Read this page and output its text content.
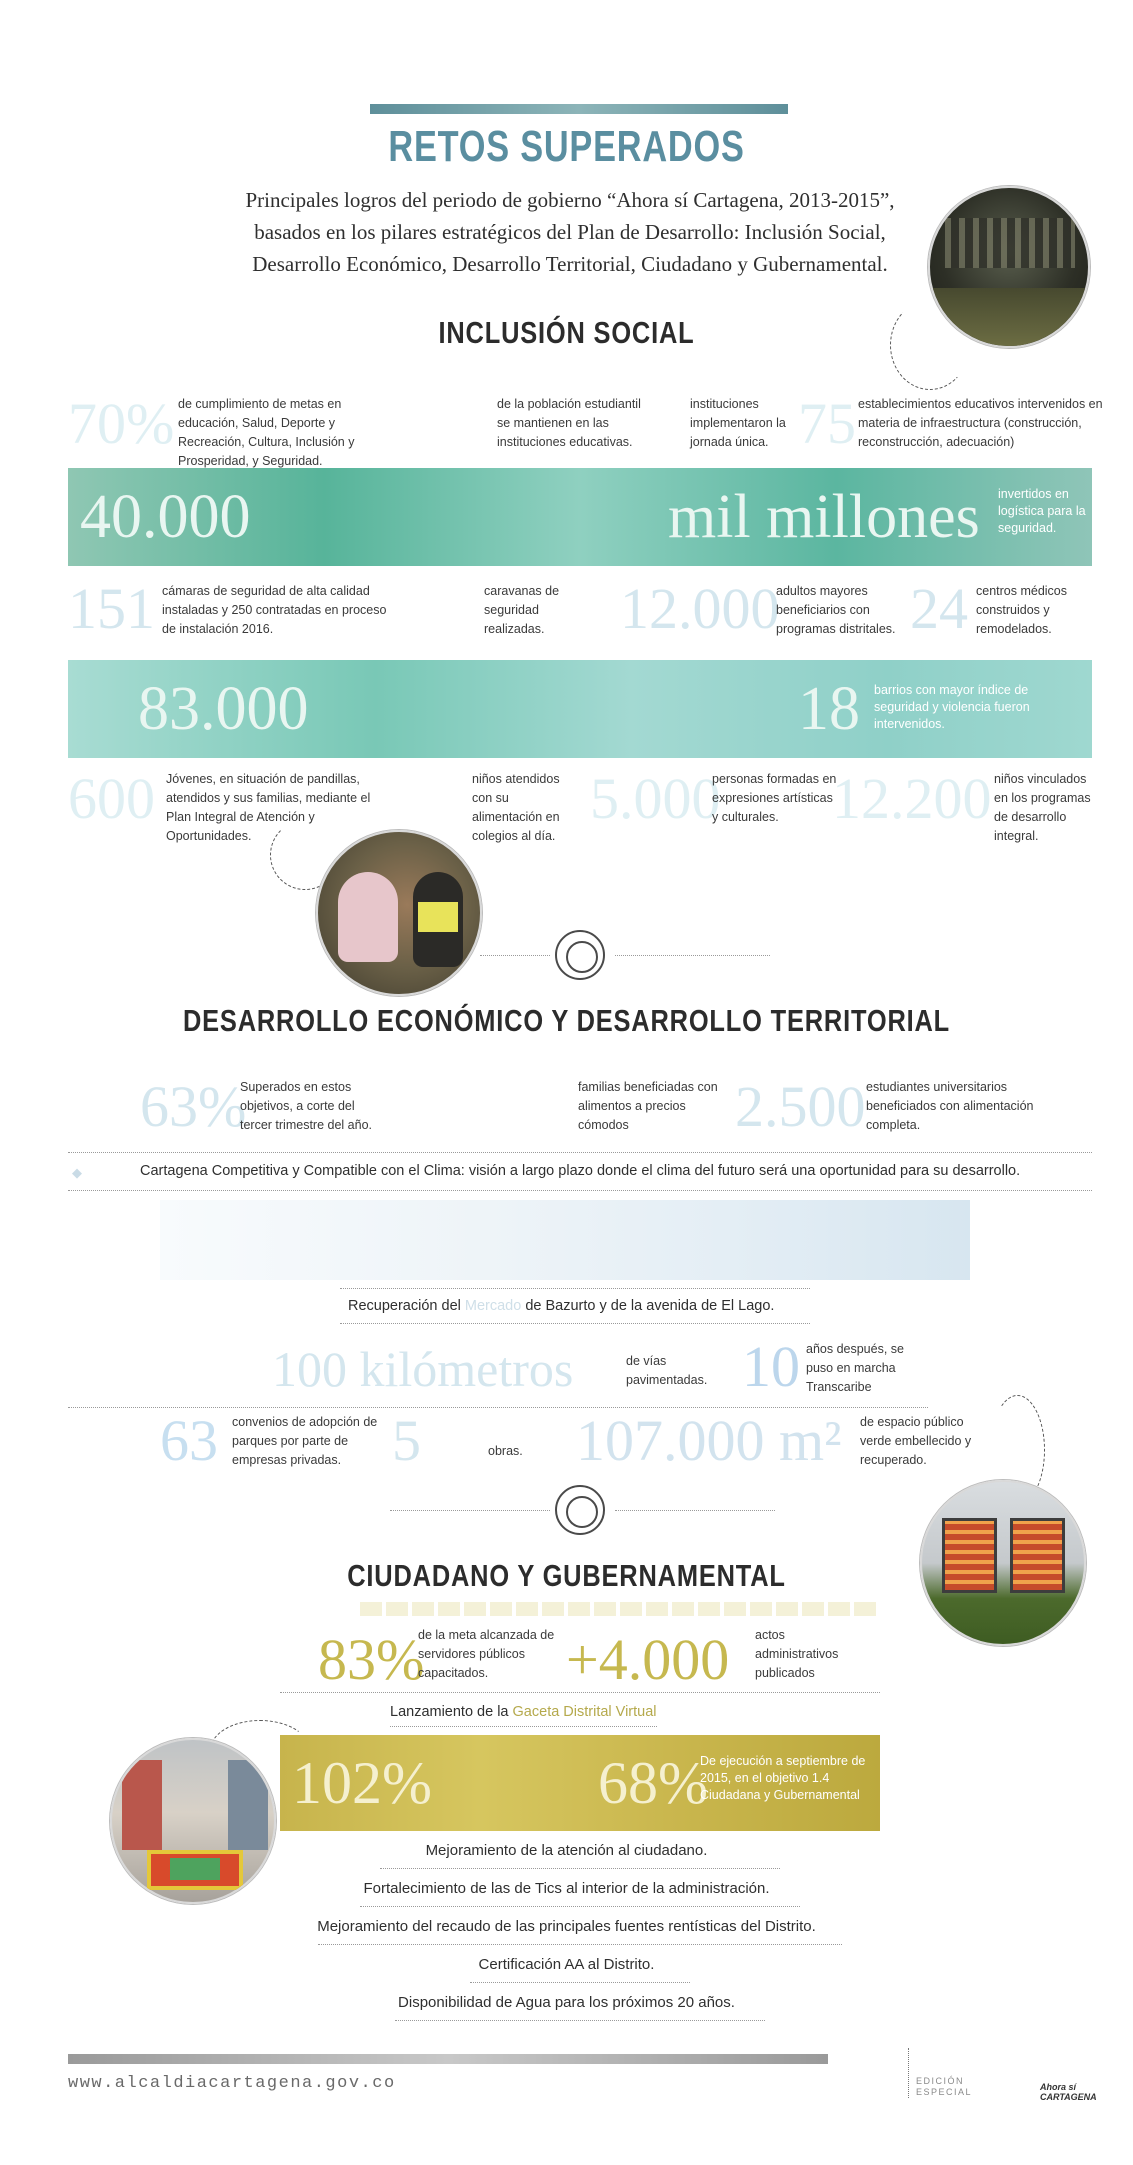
RETOS SUPERADOS
Principales logros del periodo de gobierno “Ahora sí Cartagena, 2013-2015”,
basados en los pilares estratégicos del Plan de Desarrollo: Inclusión Social,
Desarrollo Económico, Desarrollo Territorial, Ciudadano y Gubernamental.
INCLUSIÓN SOCIAL
70% de cumplimiento de metas en educación, Salud, Deporte y Recreación, Cultura, Inclusión y Prosperidad, y Seguridad.
de la población estudiantil se mantienen en las instituciones educativas.
instituciones implementaron la jornada única. 75 establecimientos educativos intervenidos en materia de infraestructura (construcción, reconstrucción, adecuación)
40.000	mil millones invertidos en logística para la seguridad.
151 cámaras de seguridad de alta calidad instaladas y 250 contratadas en proceso de instalación 2016.
caravanas de seguridad realizadas.	12.000
adultos mayores beneficiarios con programas distritales. 24 centros médicos construidos y remodelados.
83.000	18 barrios con mayor índice de seguridad y violencia fueron intervenidos.
600 Jóvenes, en situación de pandillas, atendidos y sus familias, mediante el Plan Integral de Atención y Oportunidades.
niños atendidos con su alimentación en colegios al día.
5.000
personas formadas en expresiones artísticas y culturales. 12.200 niños vinculados en los programas de desarrollo integral.
DESARROLLO ECONÓMICO Y DESARROLLO TERRITORIAL
63%
Superados en estos objetivos, a corte del tercer trimestre del año.
familias beneficiadas con alimentos a precios cómodos	2.500 estudiantes universitarios beneficiados con alimentación completa.
◆	Cartagena Competitiva y Compatible con el Clima: visión a largo plazo donde el clima del futuro será una oportunidad para su desarrollo.
Recuperación del Mercado de Bazurto y de la avenida de El Lago.
100 kilómetros	de vías pavimentadas. 10 años después, se puso en marcha Transcaribe
63 convenios de adopción de parques por parte de empresas privadas. 5	obras. 107.000 m² de espacio público verde embellecido y recuperado.
CIUDADANO Y GUBERNAMENTAL
83%
de la meta alcanzada de servidores públicos capacitados.	+4.000 actos administrativos publicados
Lanzamiento de la Gaceta Distrital Virtual
102%	68%
De ejecución a septiembre de 2015, en el objetivo 1.4 Ciudadana y Gubernamental
Mejoramiento de la atención al ciudadano.
Fortalecimiento de las de Tics al interior de la administración.
Mejoramiento del recaudo de las principales fuentes rentísticas del Distrito.
Certificación AA al Distrito.
Disponibilidad de Agua para los próximos 20 años.
www.alcaldiacartagena.gov.co	EDICIÓN ESPECIAL	Ahora sí CARTAGENA
